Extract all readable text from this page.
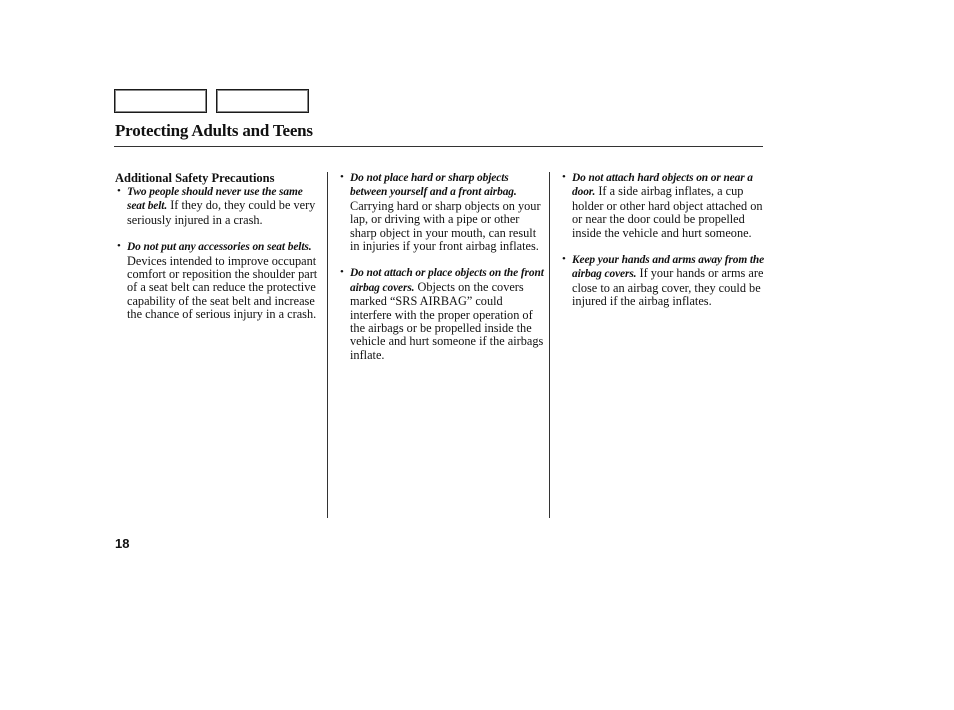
Protecting Adults and Teens
Additional Safety Precautions
• Two people should never use the same seat belt. If they do, they could be very seriously injured in a crash.
• Do not put any accessories on seat belts. Devices intended to improve occupant comfort or reposition the shoulder part of a seat belt can reduce the protective capability of the seat belt and increase the chance of serious injury in a crash.
• Do not place hard or sharp objects between yourself and a front airbag. Carrying hard or sharp objects on your lap, or driving with a pipe or other sharp object in your mouth, can result in injuries if your front airbag inflates.
• Do not attach or place objects on the front airbag covers. Objects on the covers marked “SRS AIRBAG” could interfere with the proper operation of the airbags or be propelled inside the vehicle and hurt someone if the airbags inflate.
• Do not attach hard objects on or near a door. If a side airbag inflates, a cup holder or other hard object attached on or near the door could be propelled inside the vehicle and hurt someone.
• Keep your hands and arms away from the airbag covers. If your hands or arms are close to an airbag cover, they could be injured if the airbag inflates.
18
